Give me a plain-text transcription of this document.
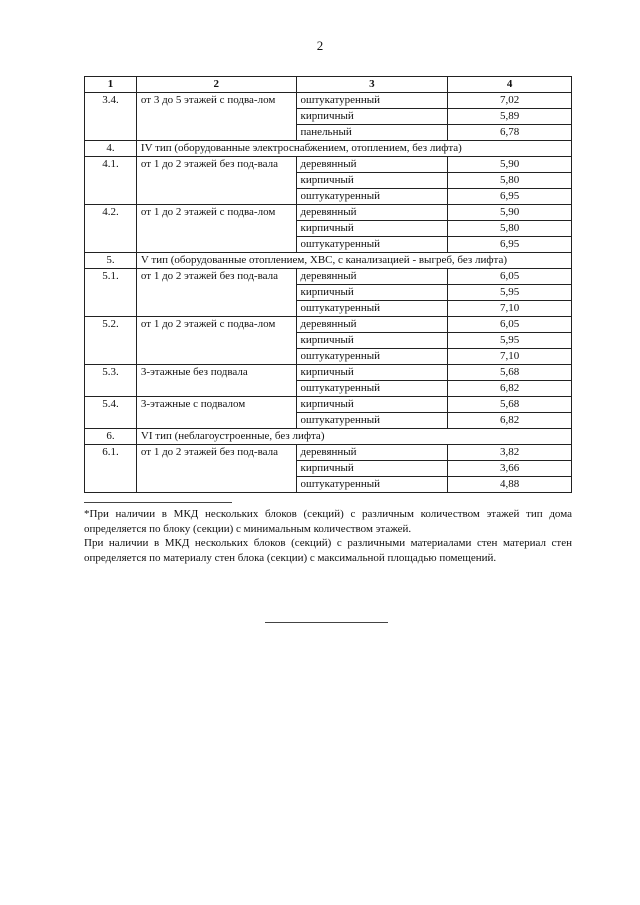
2
1	2	3	4
3.4.	от 3 до 5 этажей с подва-лом	оштукатуренный	7,02
		кирпичный	5,89
		панельный	6,78
4.	IV тип (оборудованные электроснабжением, отоплением, без лифта)		
4.1.	от 1 до 2 этажей без под-вала	деревянный	5,90
		кирпичный	5,80
		оштукатуренный	6,95
4.2.	от 1 до 2 этажей с подва-лом	деревянный	5,90
		кирпичный	5,80
		оштукатуренный	6,95
5.	V тип (оборудованные отоплением, ХВС, с канализацией - выгреб, без лифта)		
5.1.	от 1 до 2 этажей без под-вала	деревянный	6,05
		кирпичный	5,95
		оштукатуренный	7,10
5.2.	от 1 до 2 этажей с подва-лом	деревянный	6,05
		кирпичный	5,95
		оштукатуренный	7,10
5.3.	3-этажные без подвала	кирпичный	5,68
		оштукатуренный	6,82
5.4.	3-этажные с подвалом	кирпичный	5,68
		оштукатуренный	6,82
6.	VI тип (неблагоустроенные, без лифта)		
6.1.	от 1 до 2 этажей без под-вала	деревянный	3,82
		кирпичный	3,66
		оштукатуренный	4,88
*При наличии в МКД нескольких блоков (секций) с различным количеством этажей тип дома определяется по блоку (секции) с минимальным количеством этажей.
При наличии в МКД нескольких блоков (секций) с различными материалами стен материал стен определяется по материалу стен блока (секции) с максимальной площадью помещений.
